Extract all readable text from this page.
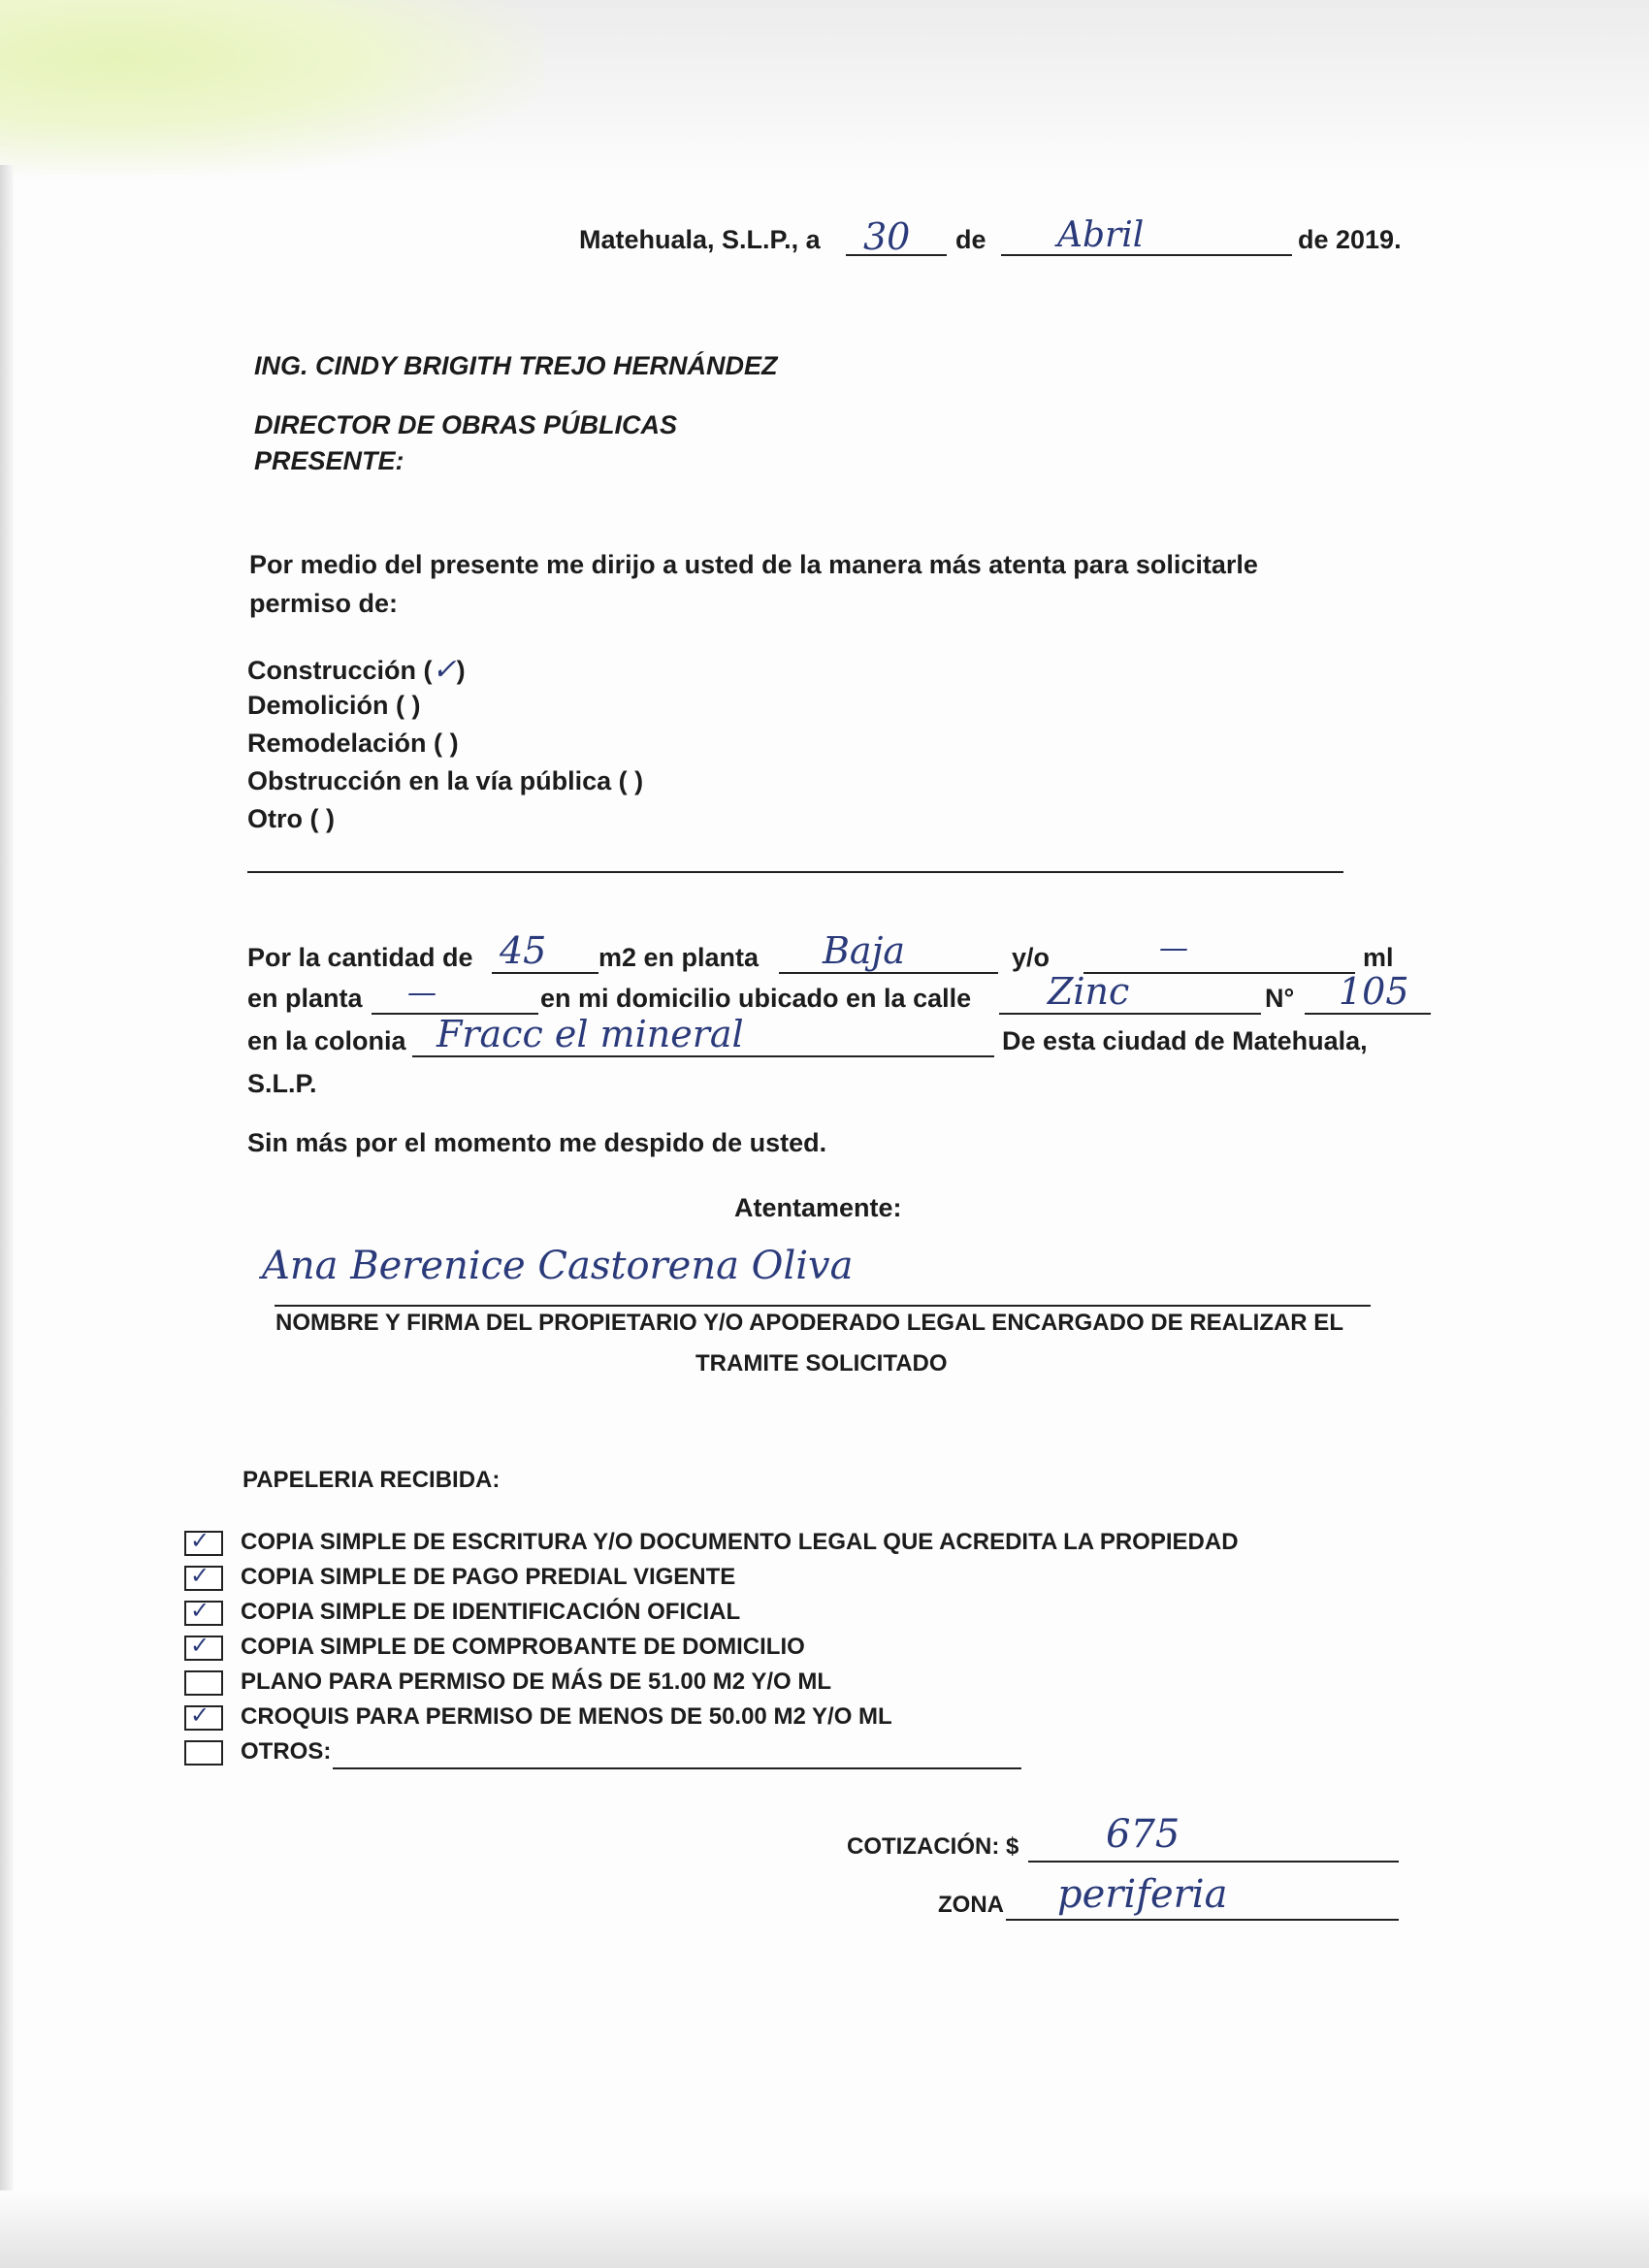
Matehuala, S.L.P., a 30 de Abril	de 2019.
ING. CINDY BRIGITH TREJO HERNÁNDEZ
DIRECTOR DE OBRAS PÚBLICAS
PRESENTE:
Por medio del presente me dirijo a usted de la manera más atenta para solicitarle
permiso de:
Construcción (✓)
Demolición ( )
Remodelación ( )
Obstrucción en la vía pública ( )
Otro ( )
Por la cantidad de 45 m2 en planta Baja	y/o	—	ml
en planta —	en mi domicilio ubicado en la calle Zinc	N° 105
en la colonia Fracc el mineral	De esta ciudad de Matehuala,
S.L.P.
Sin más por el momento me despido de usted.
Atentamente:
Ana Berenice Castorena Oliva
NOMBRE Y FIRMA DEL PROPIETARIO Y/O APODERADO LEGAL ENCARGADO DE REALIZAR EL
TRAMITE SOLICITADO
PAPELERIA RECIBIDA:
✓ COPIA SIMPLE DE ESCRITURA Y/O DOCUMENTO LEGAL QUE ACREDITA LA PROPIEDAD
✓ COPIA SIMPLE DE PAGO PREDIAL VIGENTE
✓ COPIA SIMPLE DE IDENTIFICACIÓN OFICIAL
✓ COPIA SIMPLE DE COMPROBANTE DE DOMICILIO
PLANO PARA PERMISO DE MÁS DE 51.00 M2 Y/O ML
✓ CROQUIS PARA PERMISO DE MENOS DE 50.00 M2 Y/O ML
OTROS:
COTIZACIÓN: $ 675
ZONA periferia
